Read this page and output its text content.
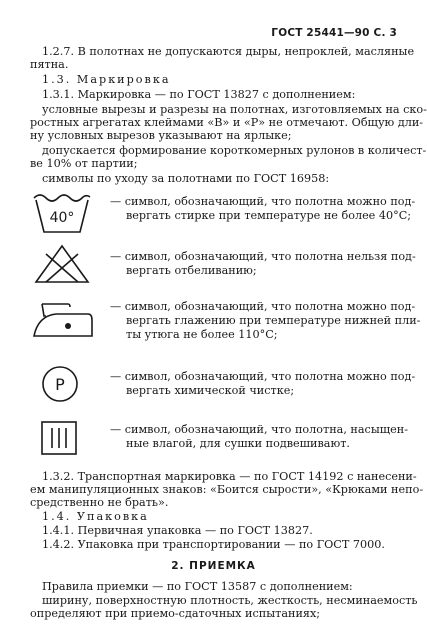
ГОСТ 25441—90 С. 3
1.2.7. В полотнах не допускаются дыры, непроклей, масляные
пятна.
1.3. Маркировка
1.3.1. Маркировка — по ГОСТ 13827 с дополнением:
условные вырезы и разрезы на полотнах, изготовляемых на ско-
ростных агрегатах клеймами «В» и «Р» не отмечают. Общую дли-
ну условных вырезов указывают на ярлыке;
допускается формирование короткомерных рулонов в количест-
ве 10% от партии;
символы по уходу за полотнами по ГОСТ 16958:
40°
— символ, обозначающий, что полотна можно под-
вергать стирке при температуре не более 40°С;
— символ, обозначающий, что полотна нельзя под-
вергать отбеливанию;
— символ, обозначающий, что полотна можно под-
вергать глажению при температуре нижней пли-
ты утюга не более 110°С;
P	— символ, обозначающий, что полотна можно под-
вергать химической чистке;
— символ, обозначающий, что полотна, насыщен-
ные влагой, для сушки подвешивают.
1.3.2. Транспортная маркировка — по ГОСТ 14192 с нанесени-
ем манипуляционных знаков: «Боится сырости», «Крюками непо-
средственно не брать».
1.4. Упаковка
1.4.1. Первичная упаковка — по ГОСТ 13827.
1.4.2. Упаковка при транспортировании — по ГОСТ 7000.
2. ПРИЕМКА
Правила приемки — по ГОСТ 13587 с дополнением:
ширину, поверхностную плотность, жесткость, несминаемость
определяют при приемо-сдаточных испытаниях;
